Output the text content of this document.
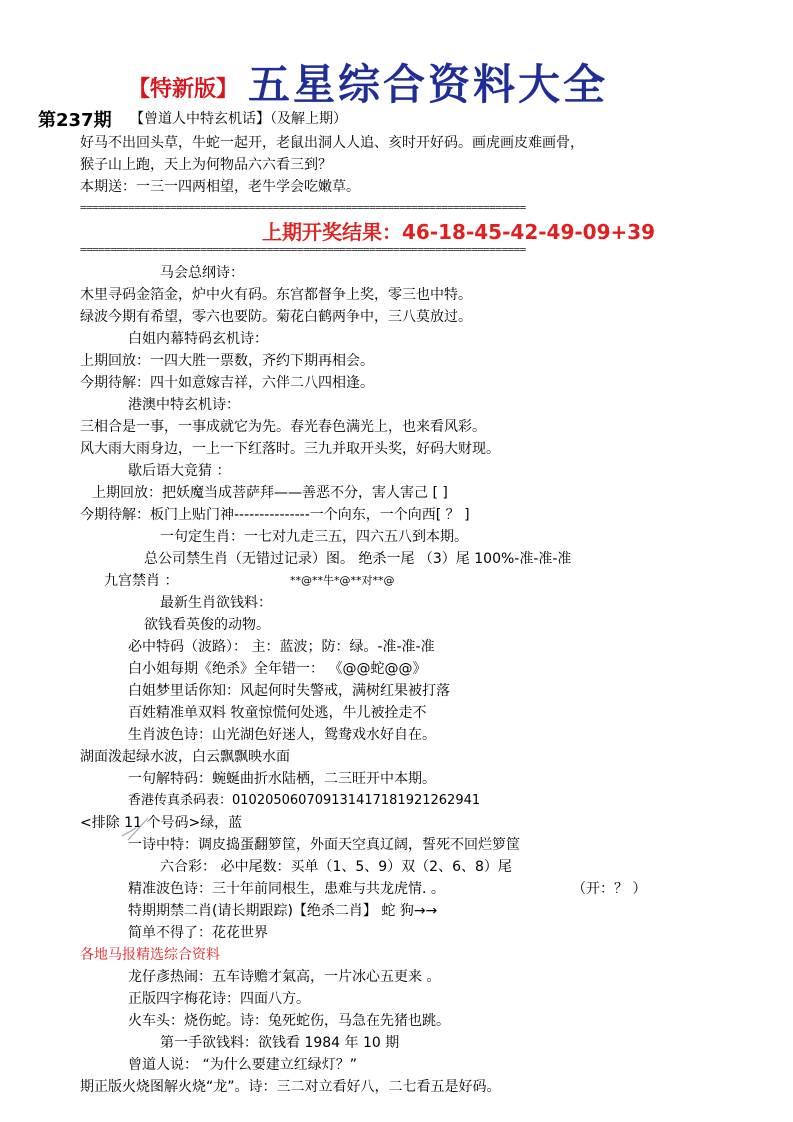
【特新版】 五星综合资料大全
第237期 【曾道人中特玄机话】（及解上期）
好马不出回头草，牛蛇一起开，老鼠出洞人人追、亥时开好码。画虎画皮难画骨，
猴子山上跑，天上为何物品六六看三到？
本期送：一三一四两相望，老牛学会吃嫩草。
==========================================================================
上期开奖结果：46-18-45-42-49-09+39
==========================================================================
马会总纲诗：
木里寻码金箔金，炉中火有码。东宫都督争上奖，零三也中特。
绿波今期有希望，零六也要防。菊花白鹤两争中，三八莫放过。
白姐内幕特码玄机诗：
上期回放：一四大胜一票数，齐约下期再相会。
今期待解：四十如意嫁吉祥，六伴二八四相逢。
港澳中特玄机诗：
三相合是一事，一事成就它为先。春光春色满光上，也来看风彩。
风大雨大雨身边，一上一下红落时。三九并取开头奖，好码大财现。
歇后语大竞猜 ：
上期回放：把妖魔当成菩萨拜——善恶不分，害人害己 [ ]
今期待解：板门上贴门神---------------一个向东，一个向西[ ？ ]
一句定生肖：一七对九走三五，四六五八到本期。
总公司禁生肖（无错过记录）图。 绝杀一尾 （3）尾 100%-准-准-准
九宫禁肖 ：	**@**牛*@**对**@
最新生肖欲钱料：
欲钱看英俊的动物。
必中特码（波路）： 主：蓝波；防：绿。-准-准-准
白小姐每期《绝杀》全年错一： 《@@蛇@@》
白姐梦里话你知：风起何时失警戒，满树红果被打落
百姓精准单双料 牧童惊慌何处逃，牛儿被拴走不
生肖波色诗：山光湖色好迷人，鸳鸯戏水好自在。
湖面泼起绿水波，白云飘飘映水面
一句解特码：蜿蜒曲折水陆栖，二三旺开中本期。
香港传真杀码表：0102050607091314171819212629​41
<排除 11 个号码>绿，蓝
一诗中特：调皮捣蛋翻箩筐，外面天空真辽阔，誓死不回烂箩筐
六合彩： 必中尾数：买单（1、5、9）双（2、6、8）尾
精准波色诗：三十年前同根生，患难与共龙虎情. 。	（开：？ ）
特期期禁二肖(请长期跟踪)【绝杀二肖】 蛇 狗→→
简单不得了：花花世界
各地马报精选综合资料
龙仔彥热闹：五车诗赡才氣高，一片冰心五更来 。
正版四字梅花诗：四面八方。
火车头：烧伤蛇。诗：兔死蛇伤，马急在先猪也跳。
第一手欲钱料：欲钱看 1984 年 10 期
曾道人说： “为什么要建立红绿灯？”
期正版火烧图解火烧“龙”。诗：三二对立看好八，二七看五是好码。
